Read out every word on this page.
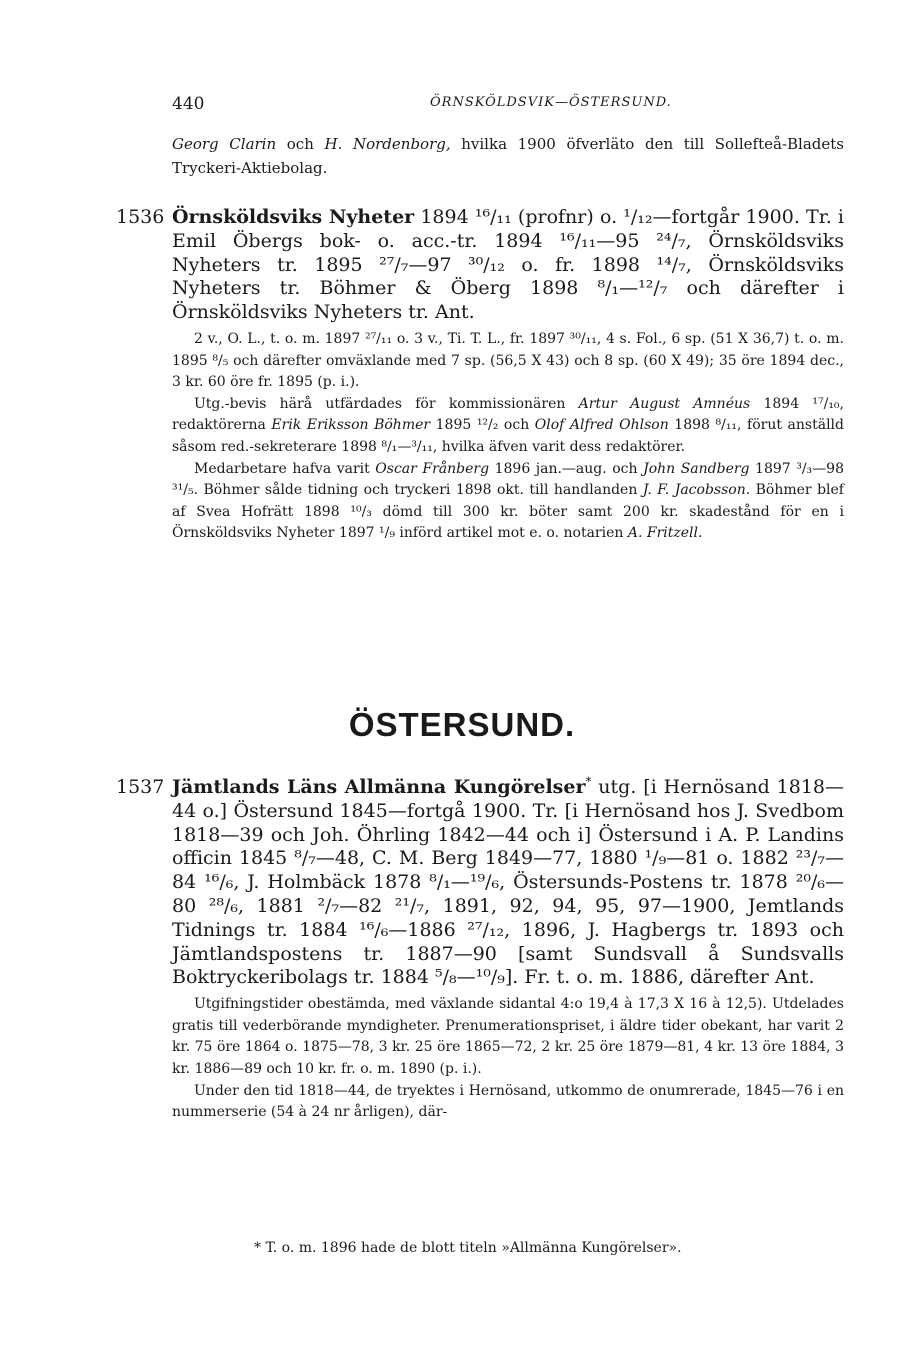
440	ÖRNSKÖLDSVIK—ÖSTERSUND.

Georg Clarin och H. Nordenborg, hvilka 1900 öfverläto den till Sollefteå-Bladets Tryckeri-Aktiebolag.

1536 Örnsköldsviks Nyheter 1894 ¹⁶/₁₁ (profnr) o. ¹/₁₂—fortgår 1900. Tr. i Emil Öbergs bok- o. acc.-tr. 1894 ¹⁶/₁₁—95 ²⁴/₇, Örnsköldsviks Nyheters tr. 1895 ²⁷/₇—97 ³⁰/₁₂ o. fr. 1898 ¹⁴/₇, Örnsköldsviks Nyheters tr. Böhmer & Öberg 1898 ⁸/₁—¹²/₇ och därefter i Örnsköldsviks Nyheters tr. Ant.

2 v., O. L., t. o. m. 1897 ²⁷/₁₁ o. 3 v., Ti. T. L., fr. 1897 ³⁰/₁₁, 4 s. Fol., 6 sp. (51 X 36,7) t. o. m. 1895 ⁸/₅ och därefter omväxlande med 7 sp. (56,5 X 43) och 8 sp. (60 X 49); 35 öre 1894 dec., 3 kr. 60 öre fr. 1895 (p. i.).

Utg.-bevis härå utfärdades för kommissionären Artur August Amnéus 1894 ¹⁷/₁₀, redaktörerna Erik Eriksson Böhmer 1895 ¹²/₂ och Olof Alfred Ohlson 1898 ⁸/₁₁, förut anställd såsom red.-sekreterare 1898 ⁸/₁—³/₁₁, hvilka äfven varit dess redaktörer.

Medarbetare hafva varit Oscar Frånberg 1896 jan.—aug. och John Sandberg 1897 ³/₃—98 ³¹/₅. Böhmer sålde tidning och tryckeri 1898 okt. till handlanden J. F. Jacobsson. Böhmer blef af Svea Hofrätt 1898 ¹⁰/₃ dömd till 300 kr. böter samt 200 kr. skadestånd för en i Örnsköldsviks Nyheter 1897 ¹/₉ införd artikel mot e. o. notarien A. Fritzell.

ÖSTERSUND.
1537 Jämtlands Läns Allmänna Kungörelser* utg. [i Hernösand 1818—44 o.] Östersund 1845—fortgå 1900. Tr. [i Hernösand hos J. Svedbom 1818—39 och Joh. Öhrling 1842—44 och i] Östersund i A. P. Landins officin 1845 ⁸/₇—48, C. M. Berg 1849—77, 1880 ¹/₉—81 o. 1882 ²³/₇—84 ¹⁶/₆, J. Holmbäck 1878 ⁸/₁—¹⁹/₆, Östersunds-Postens tr. 1878 ²⁰/₆—80 ²⁸/₆, 1881 ²/₇—82 ²¹/₇, 1891, 92, 94, 95, 97—1900, Jemtlands Tidnings tr. 1884 ¹⁶/₆—1886 ²⁷/₁₂, 1896, J. Hagbergs tr. 1893 och Jämtlandspostens tr. 1887—90 [samt Sundsvall å Sundsvalls Boktryckeribolags tr. 1884 ⁵/₈—¹⁰/₉]. Fr. t. o. m. 1886, därefter Ant.

Utgifningstider obestämda, med växlande sidantal 4:o 19,4 à 17,3 X 16 à 12,5). Utdelades gratis till vederbörande myndigheter. Prenumerationspriset, i äldre tider obekant, har varit 2 kr. 75 öre 1864 o. 1875—78, 3 kr. 25 öre 1865—72, 2 kr. 25 öre 1879—81, 4 kr. 13 öre 1884, 3 kr. 1886—89 och 10 kr. fr. o. m. 1890 (p. i.).

Under den tid 1818—44, de tryektes i Hernösand, utkommo de onumrerade, 1845—76 i en nummerserie (54 à 24 nr årligen), där-

* T. o. m. 1896 hade de blott titeln »Allmänna Kungörelser».
